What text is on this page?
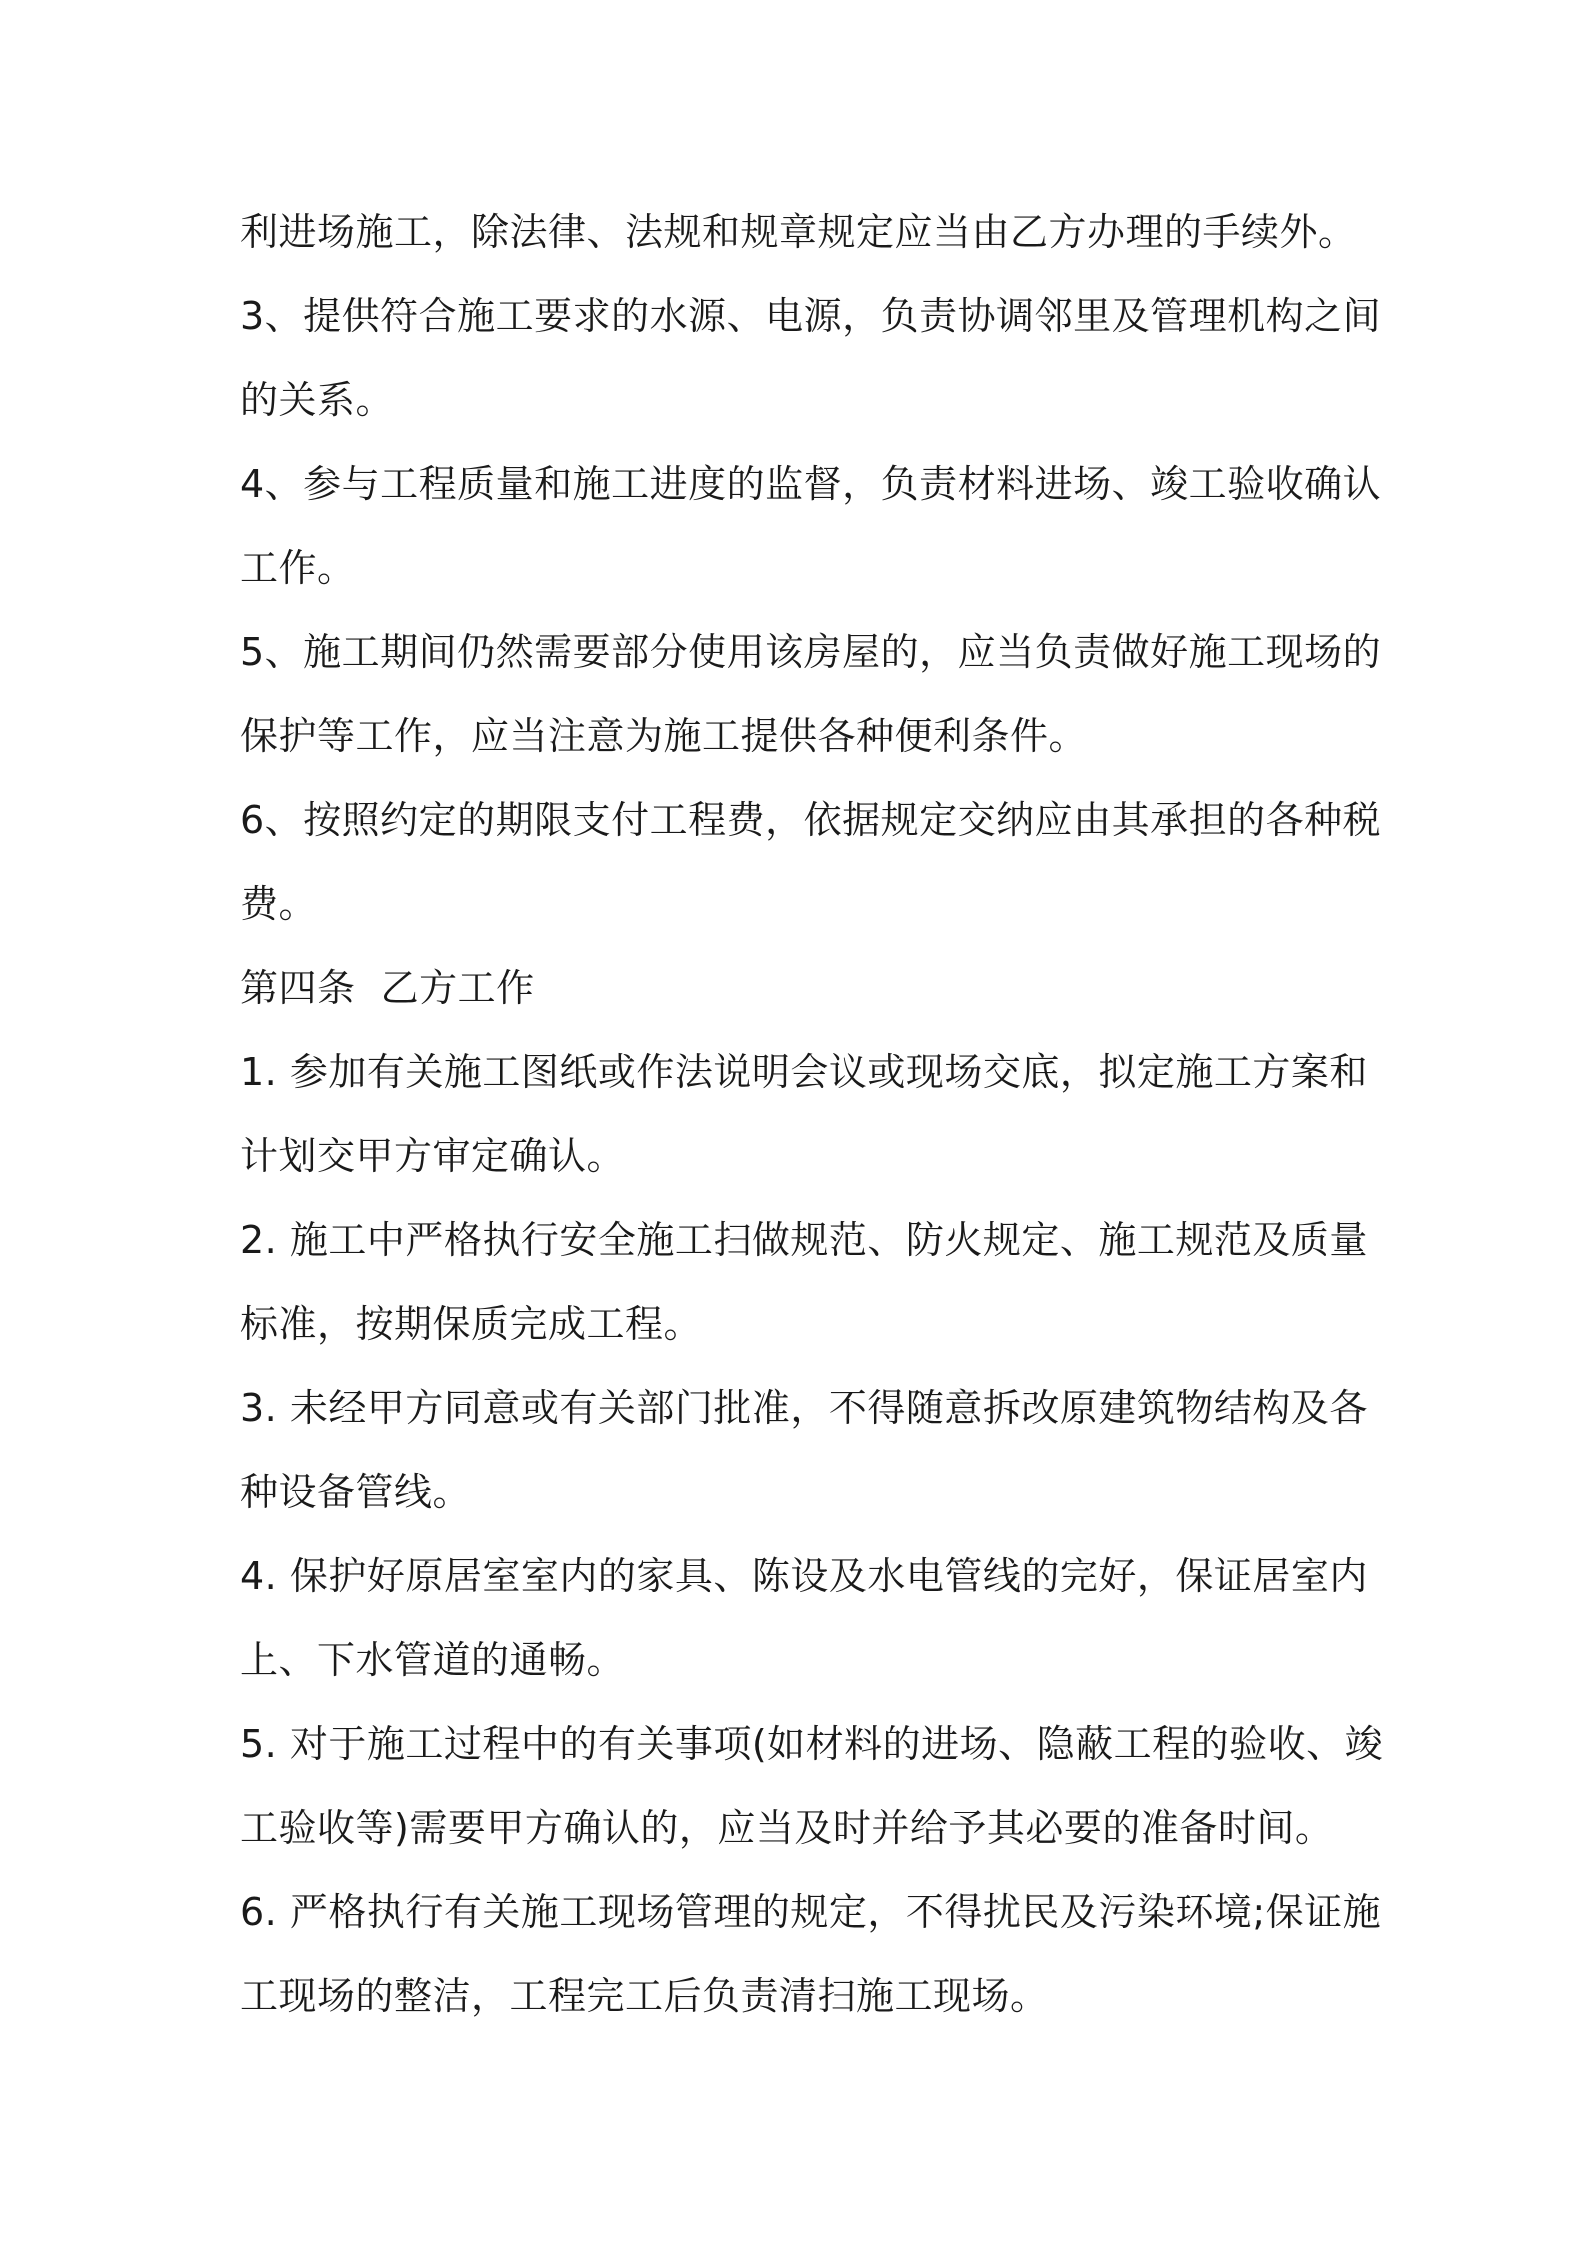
利进场施工，除法律、法规和规章规定应当由乙方办理的手续外。
3、提供符合施工要求的水源、电源，负责协调邻里及管理机构之间
的关系。
4、参与工程质量和施工进度的监督，负责材料进场、竣工验收确认
工作。
5、施工期间仍然需要部分使用该房屋的，应当负责做好施工现场的
保护等工作，应当注意为施工提供各种便利条件。
6、按照约定的期限支付工程费，依据规定交纳应由其承担的各种税
费。
第四条  乙方工作
1. 参加有关施工图纸或作法说明会议或现场交底，拟定施工方案和
计划交甲方审定确认。
2. 施工中严格执行安全施工扫做规范、防火规定、施工规范及质量
标准，按期保质完成工程。
3. 未经甲方同意或有关部门批准，不得随意拆改原建筑物结构及各
种设备管线。
4. 保护好原居室室内的家具、陈设及水电管线的完好，保证居室内
上、下水管道的通畅。
5. 对于施工过程中的有关事项(如材料的进场、隐蔽工程的验收、竣
工验收等)需要甲方确认的，应当及时并给予其必要的准备时间。
6. 严格执行有关施工现场管理的规定，不得扰民及污染环境;保证施
工现场的整洁，工程完工后负责清扫施工现场。
